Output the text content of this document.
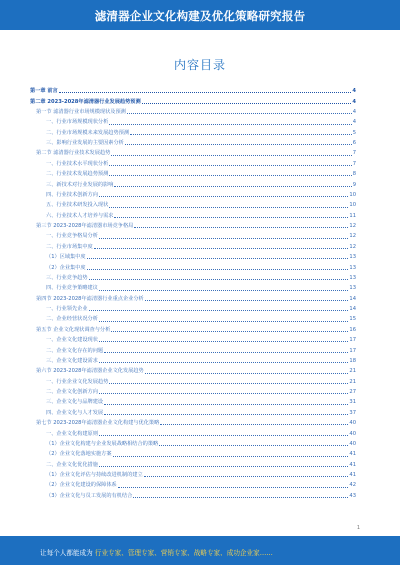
滤清器企业文化构建及优化策略研究报告
内容目录
第一章 前言	4
第二章 2023-2028年滤清器行业发展趋势预测	4
第一节 滤清器行业市场规模现状及预测	4
一、行业市场规模现状分析	4
二、行业市场规模未来发展趋势预测	5
三、影响行业发展的主要因素分析	6
第二节 滤清器行业技术发展趋势	7
一、行业技术水平现状分析	7
二、行业技术发展趋势预测	8
三、新技术对行业发展的影响	9
四、行业技术创新方向	10
五、行业技术研发投入现状	10
六、行业技术人才培养与需求	11
第三节 2023-2028年滤清器市场竞争格局	12
一、行业竞争格局分析	12
二、行业市场集中度	12
（1）区域集中度	13
（2）企业集中度	13
三、行业竞争趋势	13
四、行业竞争策略建议	13
第四节 2023-2028年滤清器行业重点企业分析	14
一、行业领先企业	14
二、企业经营状况分析	15
第五节 企业文化现状调查与分析	16
一、企业文化建设现状	17
二、企业文化存在的问题	17
三、企业文化建设需求	18
第六节 2023-2028年滤清器企业文化发展趋势	21
一、行业企业文化发展趋势	21
二、企业文化创新方向	27
三、企业文化与品牌建设	31
四、企业文化与人才发展	37
第七节 2023-2028年滤清器企业文化构建与优化策略	40
一、企业文化构建原则	40
（1）企业文化构建与企业发展战略相结合的策略	40
（2）企业文化落地实施方案	41
二、企业文化优化措施	41
（1）企业文化评估与持续改进机制的建立	41
（2）企业文化建设的保障体系	42
（3）企业文化与员工发展的有机结合	43
1
让每个人都能成为 行业专家、管理专家、营销专家、战略专家、成功企业家……
